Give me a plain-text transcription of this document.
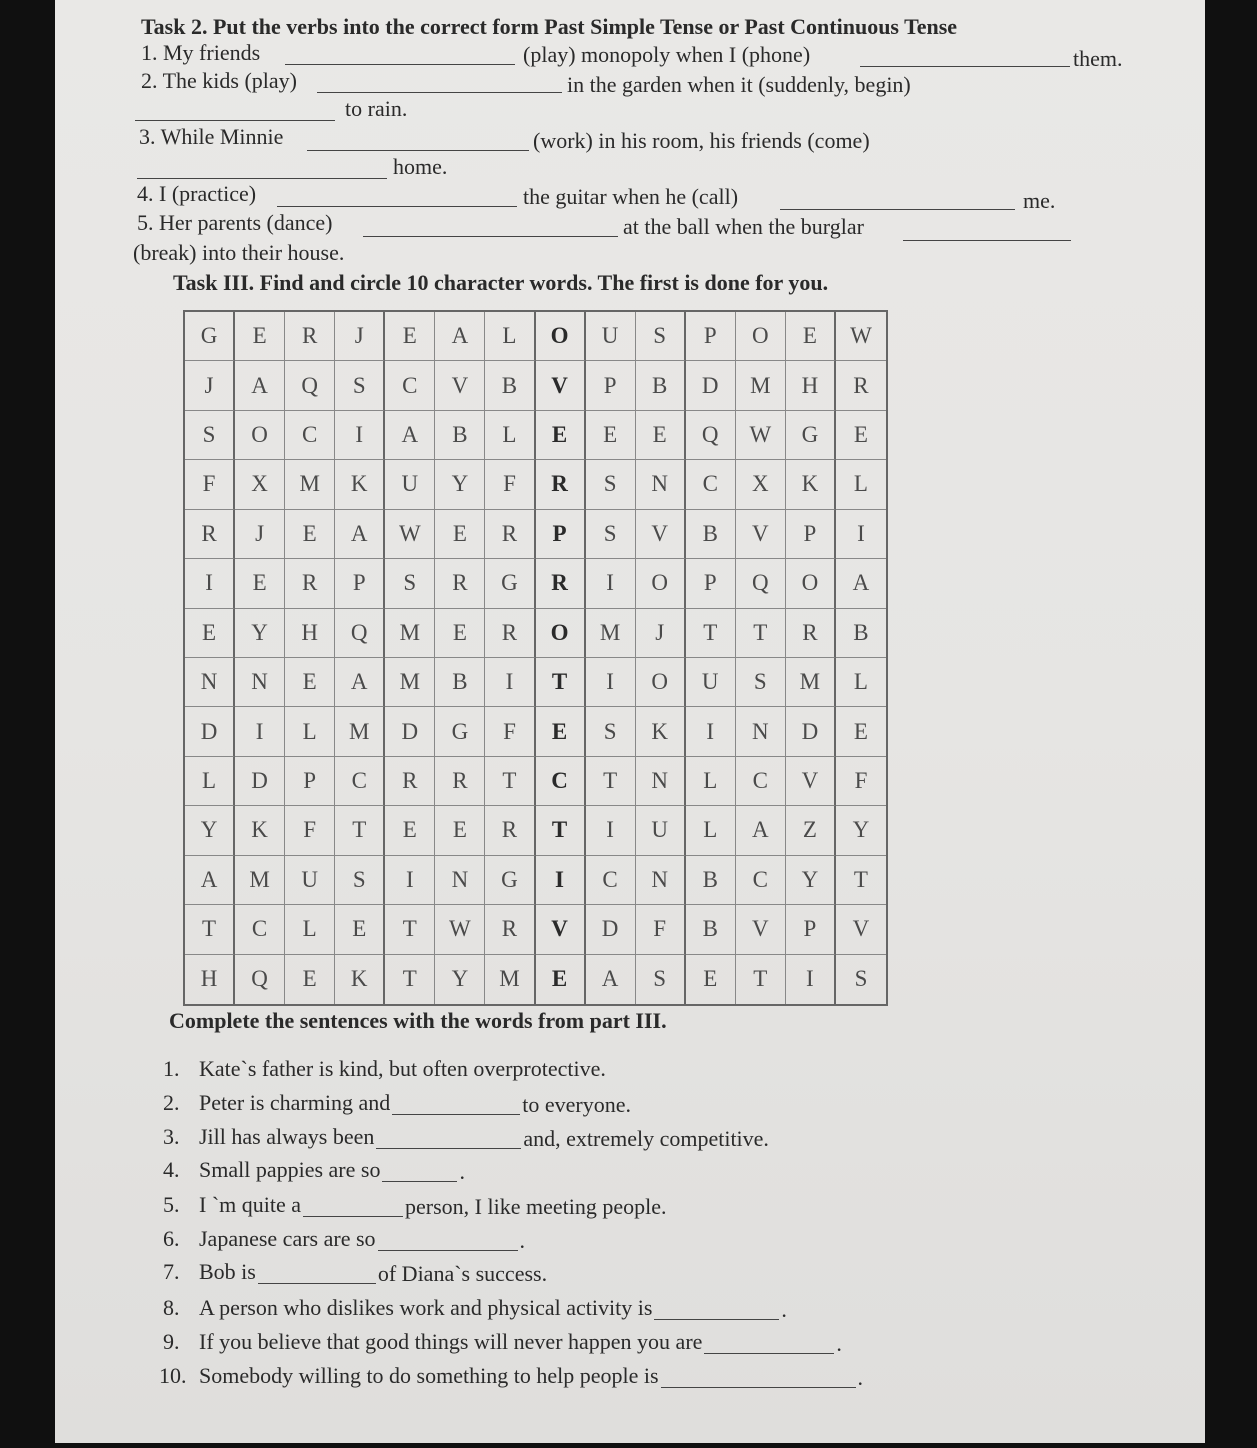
Task 2. Put the verbs into the correct form Past Simple Tense or Past Continuous Tense
1. My friends	(play) monopoly when I (phone)	them.
2. The kids (play)	in the garden when it (suddenly, begin)
to rain.
3. While Minnie	(work) in his room, his friends (come)
home.
4. I (practice)	the guitar when he (call)	me.
5. Her parents (dance)	at the ball when the burglar
(break) into their house.
Task III. Find and circle 10 character words. The first is done for you.
G	E	R	J	E	A	L	O	U	S	P	O	E	W
J	A	Q	S	C	V	B	V	P	B	D	M	H	R
S	O	C	I	A	B	L	E	E	E	Q	W	G	E
F	X	M	K	U	Y	F	R	S	N	C	X	K	L
R	J	E	A	W	E	R	P	S	V	B	V	P	I
I	E	R	P	S	R	G	R	I	O	P	Q	O	A
E	Y	H	Q	M	E	R	O	M	J	T	T	R	B
N	N	E	A	M	B	I	T	I	O	U	S	M	L
D	I	L	M	D	G	F	E	S	K	I	N	D	E
L	D	P	C	R	R	T	C	T	N	L	C	V	F
Y	K	F	T	E	E	R	T	I	U	L	A	Z	Y
A	M	U	S	I	N	G	I	C	N	B	C	Y	T
T	C	L	E	T	W	R	V	D	F	B	V	P	V
H	Q	E	K	T	Y	M	E	A	S	E	T	I	S
Complete the sentences with the words from part III.
1. Kate`s father is kind, but often overprotective.
2. Peter is charming and	to everyone.
3. Jill has always been	and, extremely competitive.
4. Small pappies are so	.
5. I `m quite a	person, I like meeting people.
6. Japanese cars are so	.
7. Bob is	of Diana`s success.
8. A person who dislikes work and physical activity is	.
9. If you believe that good things will never happen you are	.
10. Somebody willing to do something to help people is	.
